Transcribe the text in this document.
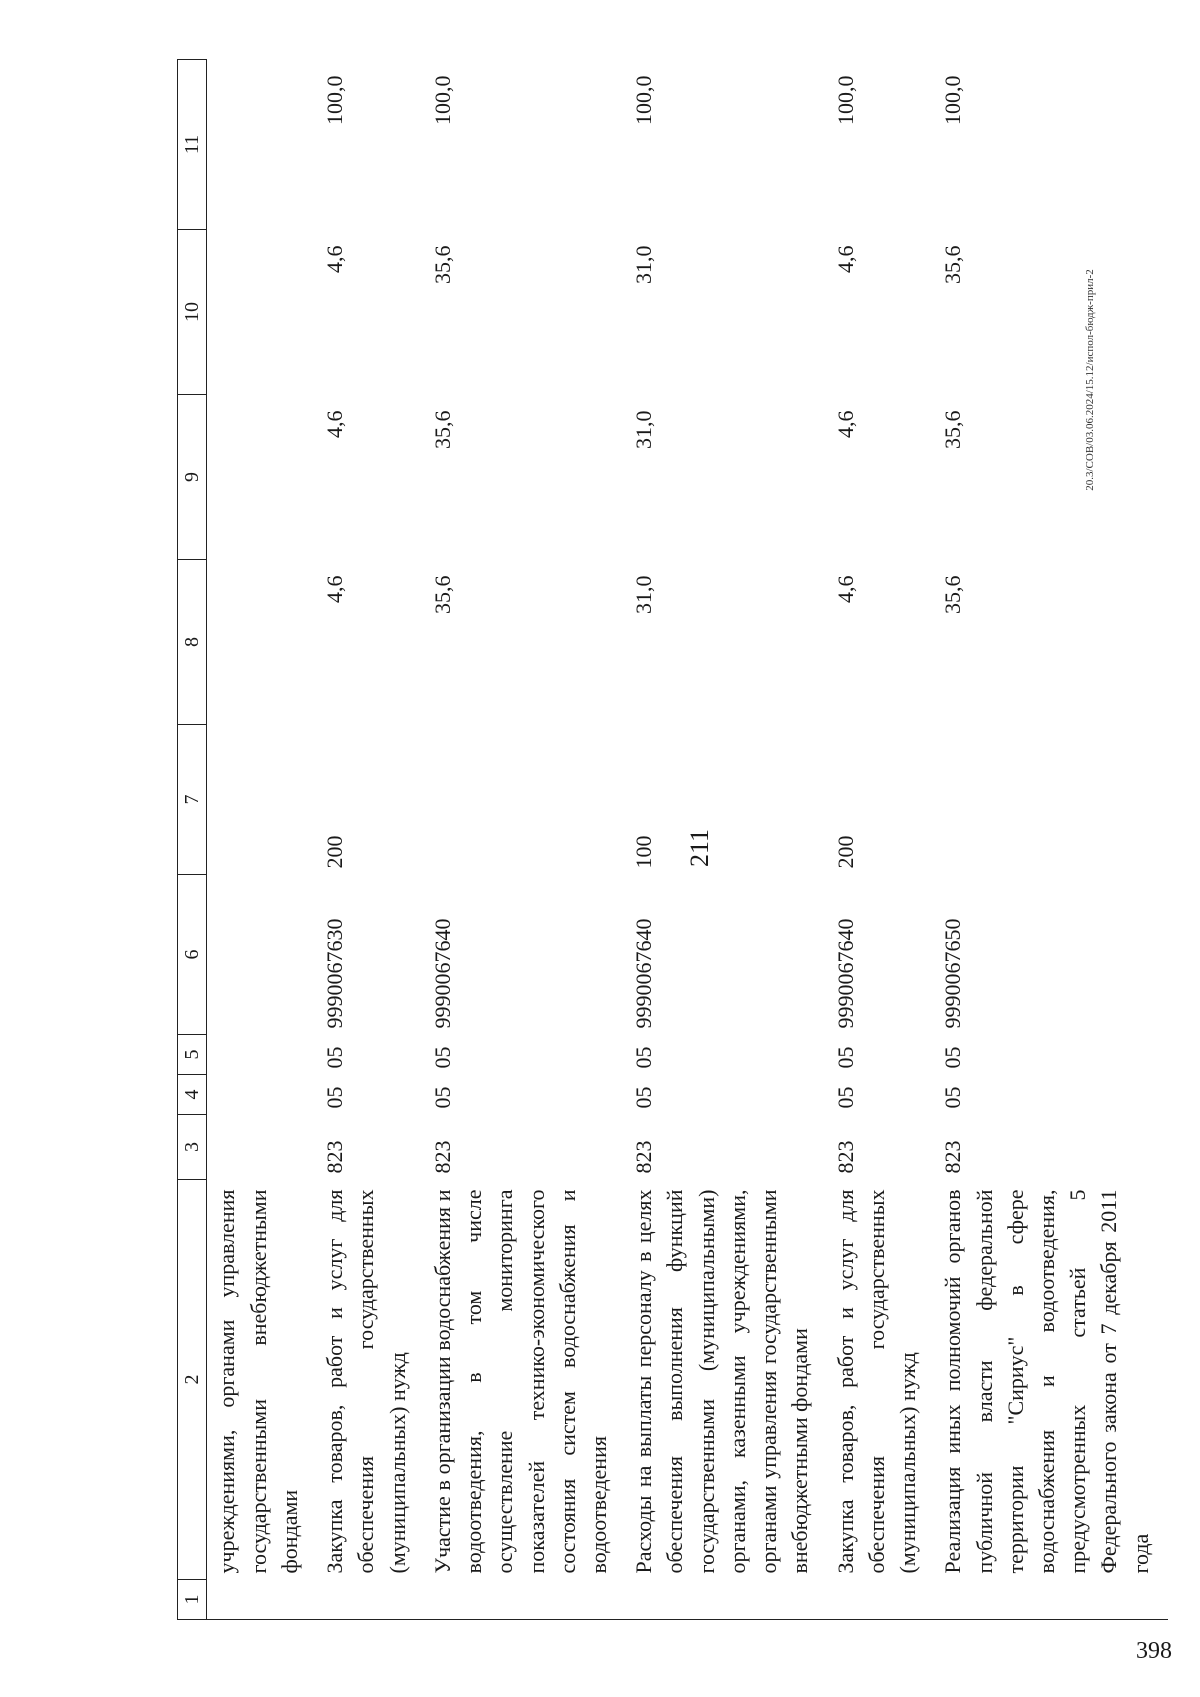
211
20.3/СОВ/03.06.2024/15.12/испол-бюдж-прил-2
398
1	2	3	4	5	6	7	8	9	10	11
	учреждениями, органами управления государственными внебюджетными фондами									
	Закупка товаров, работ и услуг для обеспечения государственных (муниципальных) нужд	823	05	05	9990067630	200	4,6	4,6	4,6	100,0
	Участие в организации водоснабжения и водоотведения, в том числе осуществление мониторинга показателей технико-экономического состояния систем водоснабжения и водоотведения	823	05	05	9990067640		35,6	35,6	35,6	100,0
	Расходы на выплаты персоналу в целях обеспечения выполнения функций государственными (муниципальными) органами, казенными учреждениями, органами управления государственными внебюджетными фондами	823	05	05	9990067640	100	31,0	31,0	31,0	100,0
	Закупка товаров, работ и услуг для обеспечения государственных (муниципальных) нужд	823	05	05	9990067640	200	4,6	4,6	4,6	100,0
	Реализация иных полномочий органов публичной власти федеральной территории "Сириус" в сфере водоснабжения и водоотведения, предусмотренных статьей 5 Федерального закона от 7 декабря 2011 года	823	05	05	9990067650		35,6	35,6	35,6	100,0
